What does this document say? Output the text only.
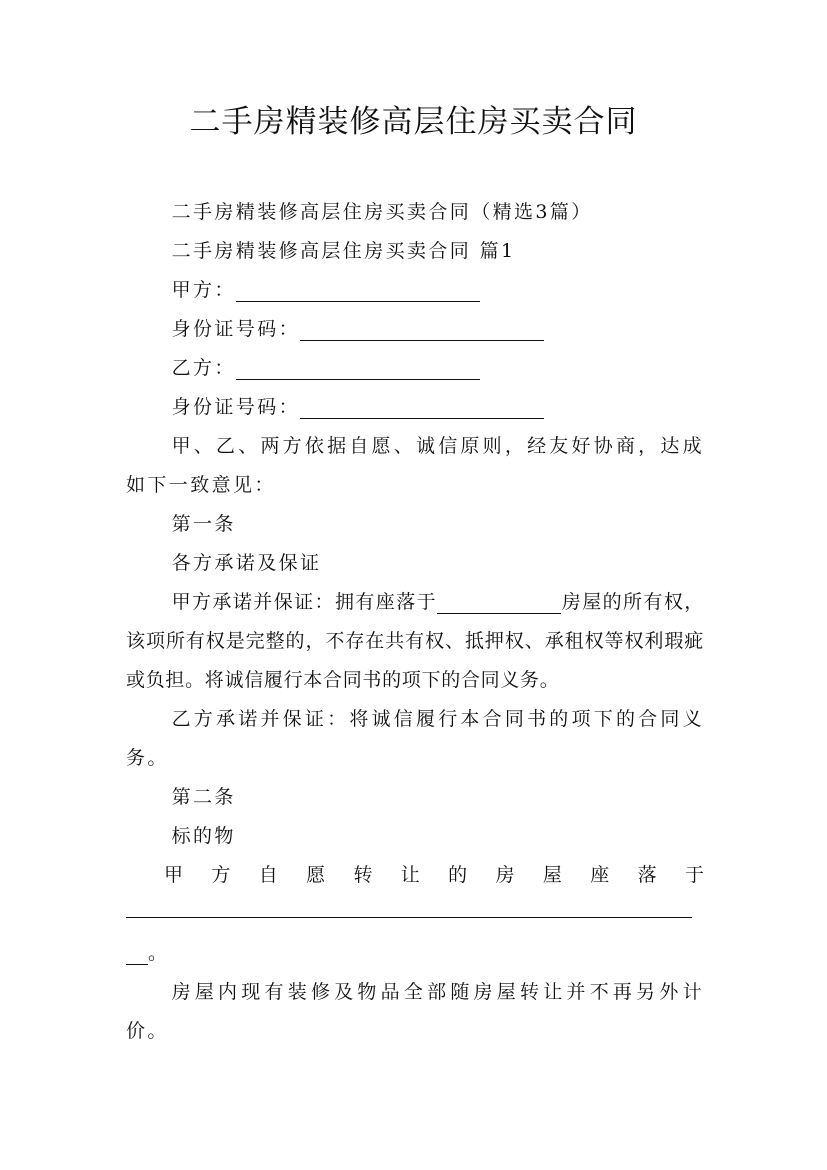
二手房精装修高层住房买卖合同

二手房精装修高层住房买卖合同（精选3篇）

二手房精装修高层住房买卖合同 篇1

甲方：

身份证号码：

乙方：

身份证号码：

甲、乙、两方依据自愿、诚信原则，经友好协商，达成如下一致意见：

第一条

各方承诺及保证

甲方承诺并保证：拥有座落于	房屋的所有权，该项所有权是完整的，不存在共有权、抵押权、承租权等权利瑕疵或负担。将诚信履行本合同书的项下的合同义务。

乙方承诺并保证：将诚信履行本合同书的项下的合同义务。

第二条

标的物

甲 方 自 愿 转 让 的 房 屋 座 落 于

。

房屋内现有装修及物品全部随房屋转让并不再另外计价。
